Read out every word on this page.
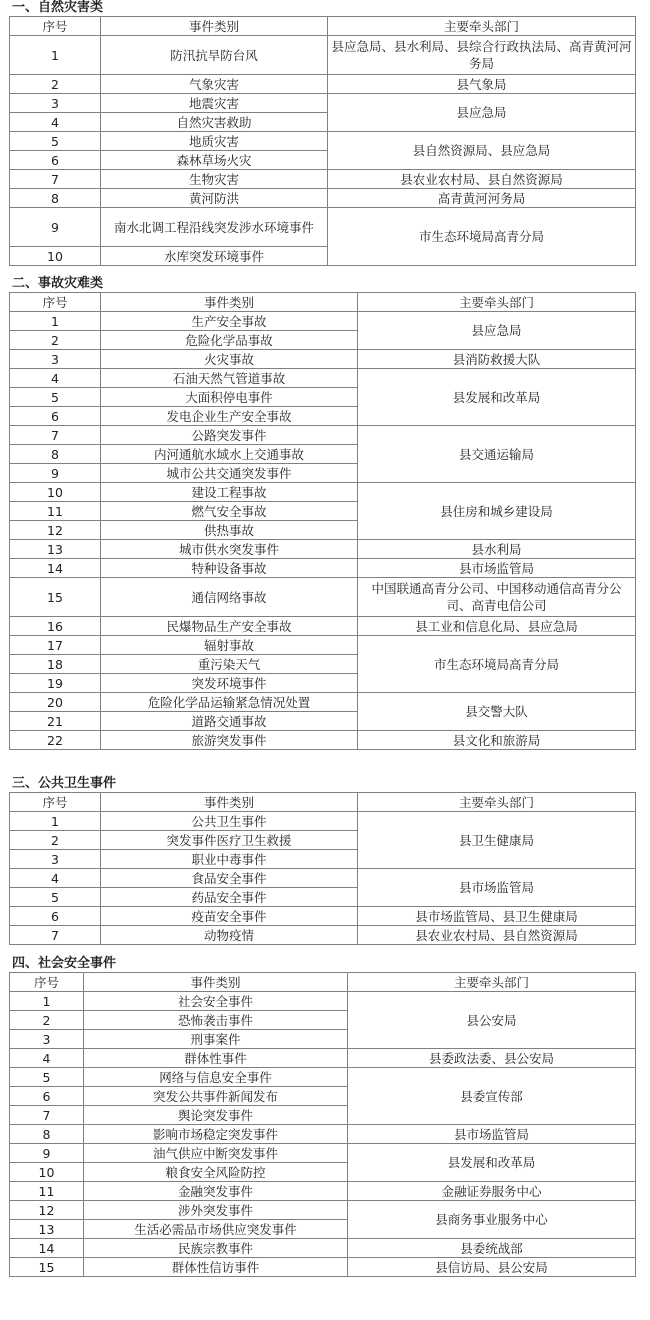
一、自然灾害类
序号	事件类别	主要牵头部门
1	防汛抗旱防台风	县应急局、县水利局、县综合行政执法局、高青黄河河务局
2	气象灾害	县气象局
3	地震灾害	县应急局
4	自然灾害救助	
5	地质灾害	县自然资源局、县应急局
6	森林草场火灾	
7	生物灾害	县农业农村局、县自然资源局
8	黄河防洪	高青黄河河务局
9	南水北调工程沿线突发涉水环境事件	市生态环境局高青分局
10	水库突发环境事件	
二、事故灾难类
序号	事件类别	主要牵头部门
1	生产安全事故	县应急局
2	危险化学品事故	
3	火灾事故	县消防救援大队
4	石油天然气管道事故	县发展和改革局
5	大面积停电事件	
6	发电企业生产安全事故	
7	公路突发事件	县交通运输局
8	内河通航水域水上交通事故	
9	城市公共交通突发事件	
10	建设工程事故	县住房和城乡建设局
11	燃气安全事故	
12	供热事故	
13	城市供水突发事件	县水利局
14	特种设备事故	县市场监管局
15	通信网络事故	中国联通高青分公司、中国移动通信高青分公司、高青电信公司
16	民爆物品生产安全事故	县工业和信息化局、县应急局
17	辐射事故	市生态环境局高青分局
18	重污染天气	
19	突发环境事件	
20	危险化学品运输紧急情况处置	县交警大队
21	道路交通事故	
22	旅游突发事件	县文化和旅游局
三、公共卫生事件
序号	事件类别	主要牵头部门
1	公共卫生事件	县卫生健康局
2	突发事件医疗卫生救援	
3	职业中毒事件	
4	食品安全事件	县市场监管局
5	药品安全事件	
6	疫苗安全事件	县市场监管局、县卫生健康局
7	动物疫情	县农业农村局、县自然资源局
四、社会安全事件
序号	事件类别	主要牵头部门
1	社会安全事件	县公安局
2	恐怖袭击事件	
3	刑事案件	
4	群体性事件	县委政法委、县公安局
5	网络与信息安全事件	县委宣传部
6	突发公共事件新闻发布	
7	舆论突发事件	
8	影响市场稳定突发事件	县市场监管局
9	油气供应中断突发事件	县发展和改革局
10	粮食安全风险防控	
11	金融突发事件	金融证券服务中心
12	涉外突发事件	县商务事业服务中心
13	生活必需品市场供应突发事件	
14	民族宗教事件	县委统战部
15	群体性信访事件	县信访局、县公安局
